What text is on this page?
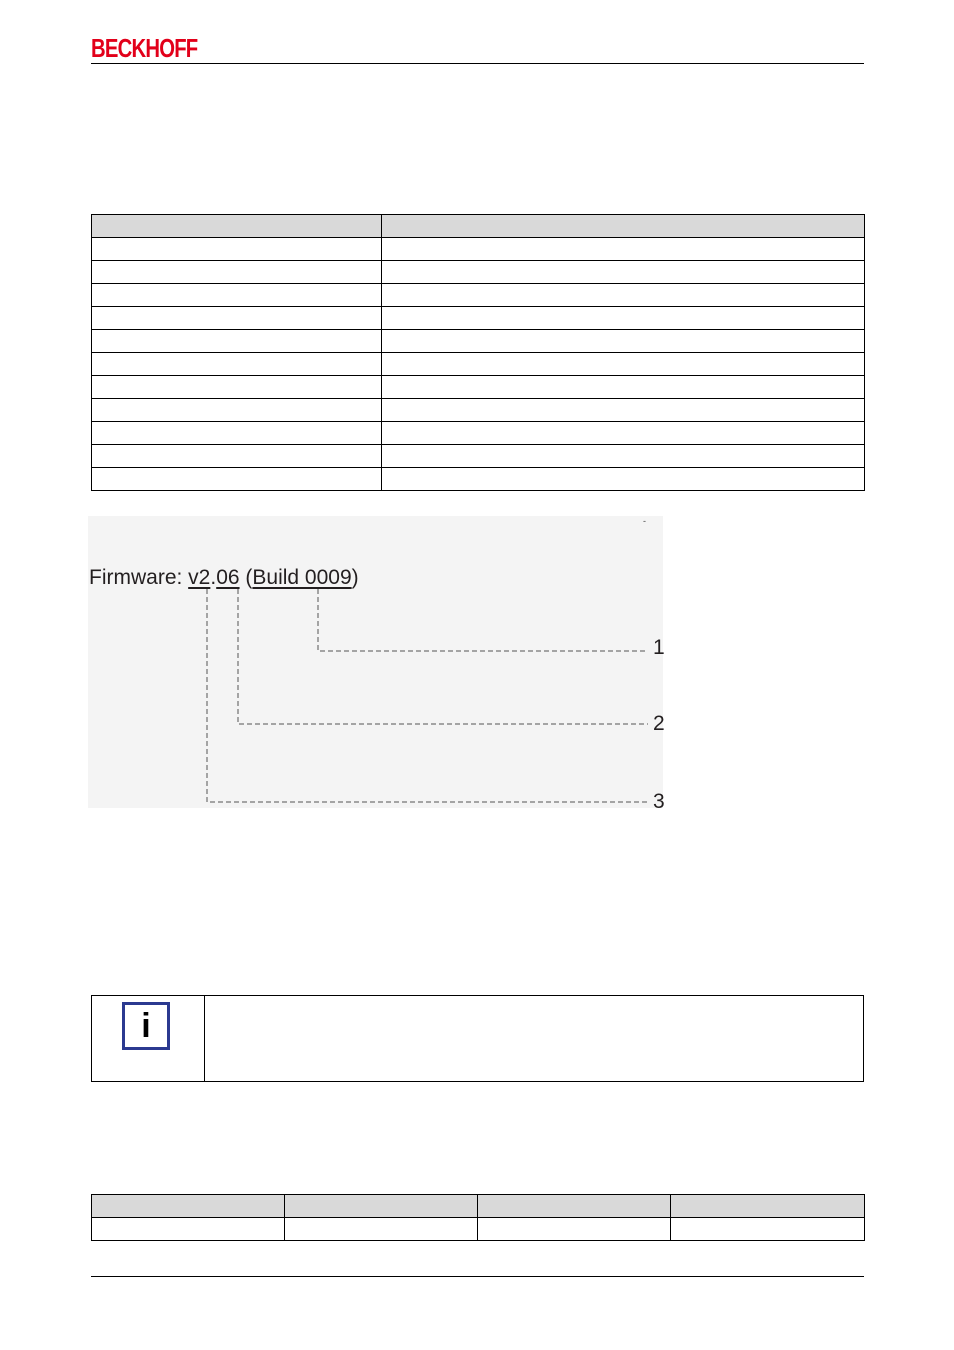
BECKHOFF

-
Firmware: v2.06 (Build 0009)
1
2
3
i
